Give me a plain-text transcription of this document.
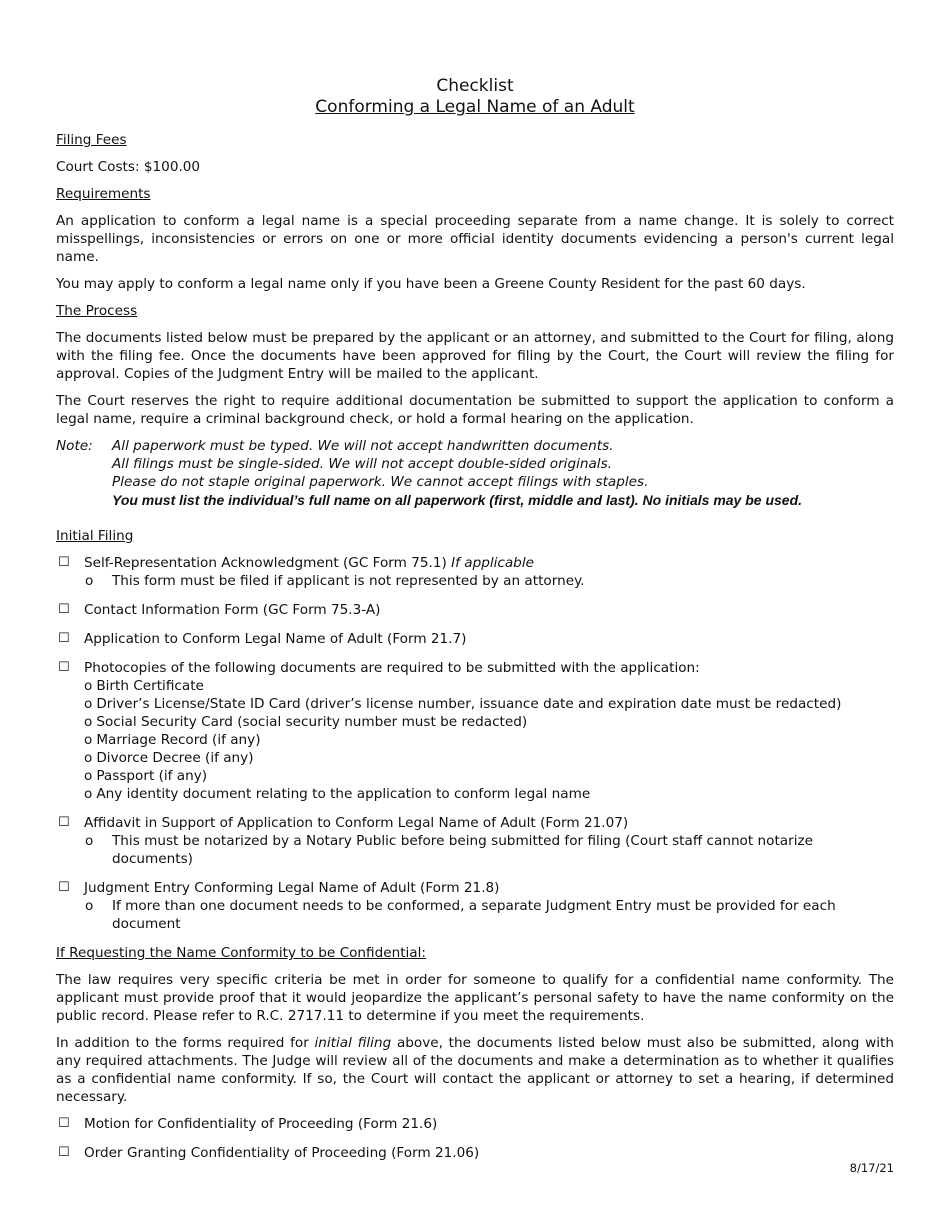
Checklist
Conforming a Legal Name of an Adult
Filing Fees

Court Costs: $100.00

Requirements

An application to conform a legal name is a special proceeding separate from a name change. It is solely to correct misspellings, inconsistencies or errors on one or more official identity documents evidencing a person's current legal name.

You may apply to conform a legal name only if you have been a Greene County Resident for the past 60 days.

The Process

The documents listed below must be prepared by the applicant or an attorney, and submitted to the Court for filing, along with the filing fee. Once the documents have been approved for filing by the Court, the Court will review the filing for approval. Copies of the Judgment Entry will be mailed to the applicant.

The Court reserves the right to require additional documentation be submitted to support the application to conform a legal name, require a criminal background check, or hold a formal hearing on the application.

Note:	All paperwork must be typed. We will not accept handwritten documents.
All filings must be single-sided. We will not accept double-sided originals.
Please do not staple original paperwork. We cannot accept filings with staples.
You must list the individual’s full name on all paperwork (first, middle and last). No initials may be used.
Initial Filing
☐	Self-Representation Acknowledgment (GC Form 75.1) If applicable
o	This form must be filed if applicant is not represented by an attorney.
☐	Contact Information Form (GC Form 75.3-A)
☐	Application to Conform Legal Name of Adult (Form 21.7)
☐	Photocopies of the following documents are required to be submitted with the application:
o Birth Certificate
o Driver’s License/State ID Card (driver’s license number, issuance date and expiration date must be redacted)
o Social Security Card (social security number must be redacted)
o Marriage Record (if any)
o Divorce Decree (if any)
o Passport (if any)
o Any identity document relating to the application to conform legal name
☐	Affidavit in Support of Application to Conform Legal Name of Adult (Form 21.07)
o	This must be notarized by a Notary Public before being submitted for filing (Court staff cannot notarize documents)
☐	Judgment Entry Conforming Legal Name of Adult (Form 21.8)
o	If more than one document needs to be conformed, a separate Judgment Entry must be provided for each document
If Requesting the Name Conformity to be Confidential:

The law requires very specific criteria be met in order for someone to qualify for a confidential name conformity. The applicant must provide proof that it would jeopardize the applicant’s personal safety to have the name conformity on the public record. Please refer to R.C. 2717.11 to determine if you meet the requirements.

In addition to the forms required for initial filing above, the documents listed below must also be submitted, along with any required attachments. The Judge will review all of the documents and make a determination as to whether it qualifies as a confidential name conformity. If so, the Court will contact the applicant or attorney to set a hearing, if determined necessary.

☐	Motion for Confidentiality of Proceeding (Form 21.6)
☐	Order Granting Confidentiality of Proceeding (Form 21.06)
8/17/21
